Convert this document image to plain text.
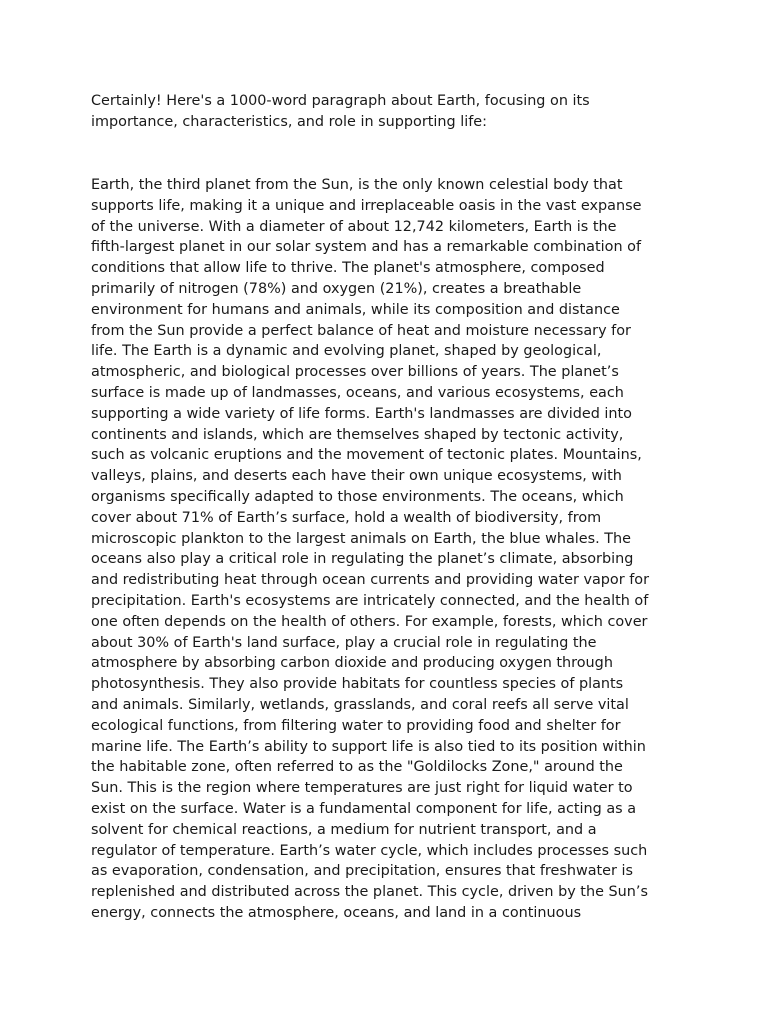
Certainly! Here's a 1000-word paragraph about Earth, focusing on its
importance, characteristics, and role in supporting life:

Earth, the third planet from the Sun, is the only known celestial body that
supports life, making it a unique and irreplaceable oasis in the vast expanse
of the universe. With a diameter of about 12,742 kilometers, Earth is the
fifth-largest planet in our solar system and has a remarkable combination of
conditions that allow life to thrive. The planet's atmosphere, composed
primarily of nitrogen (78%) and oxygen (21%), creates a breathable
environment for humans and animals, while its composition and distance
from the Sun provide a perfect balance of heat and moisture necessary for
life. The Earth is a dynamic and evolving planet, shaped by geological,
atmospheric, and biological processes over billions of years. The planet’s
surface is made up of landmasses, oceans, and various ecosystems, each
supporting a wide variety of life forms. Earth's landmasses are divided into
continents and islands, which are themselves shaped by tectonic activity,
such as volcanic eruptions and the movement of tectonic plates. Mountains,
valleys, plains, and deserts each have their own unique ecosystems, with
organisms specifically adapted to those environments. The oceans, which
cover about 71% of Earth’s surface, hold a wealth of biodiversity, from
microscopic plankton to the largest animals on Earth, the blue whales. The
oceans also play a critical role in regulating the planet’s climate, absorbing
and redistributing heat through ocean currents and providing water vapor for
precipitation. Earth's ecosystems are intricately connected, and the health of
one often depends on the health of others. For example, forests, which cover
about 30% of Earth's land surface, play a crucial role in regulating the
atmosphere by absorbing carbon dioxide and producing oxygen through
photosynthesis. They also provide habitats for countless species of plants
and animals. Similarly, wetlands, grasslands, and coral reefs all serve vital
ecological functions, from filtering water to providing food and shelter for
marine life. The Earth’s ability to support life is also tied to its position within
the habitable zone, often referred to as the "Goldilocks Zone," around the
Sun. This is the region where temperatures are just right for liquid water to
exist on the surface. Water is a fundamental component for life, acting as a
solvent for chemical reactions, a medium for nutrient transport, and a
regulator of temperature. Earth’s water cycle, which includes processes such
as evaporation, condensation, and precipitation, ensures that freshwater is
replenished and distributed across the planet. This cycle, driven by the Sun’s
energy, connects the atmosphere, oceans, and land in a continuous
